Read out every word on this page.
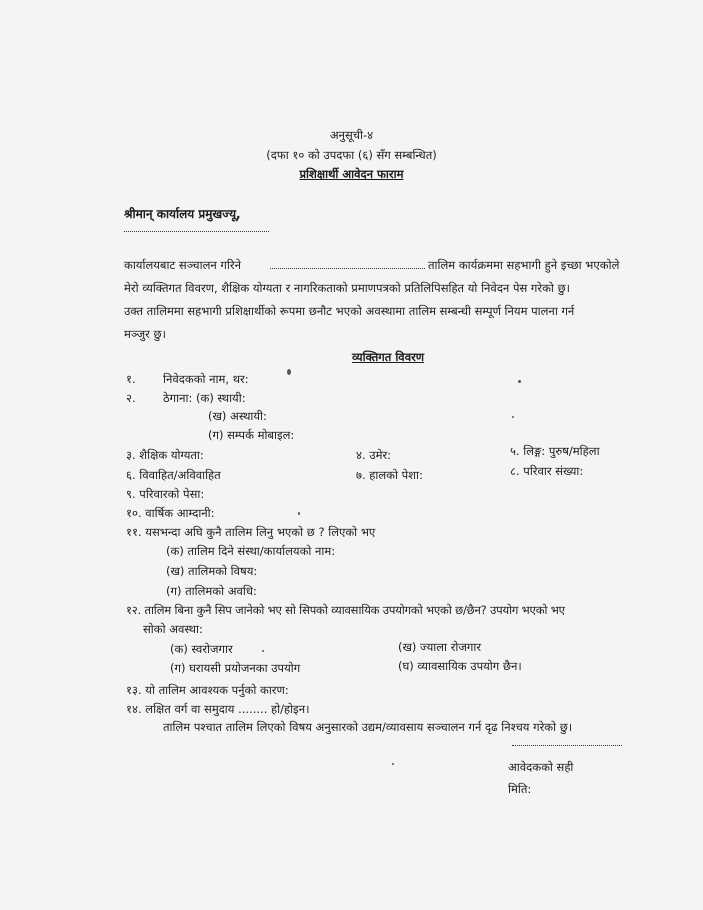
अनुसूची-४
(दफा १० को उपदफा (६) सँग सम्बन्धित)
प्रशिक्षार्थी आवेदन फाराम
श्रीमान् कार्यालय प्रमुखज्यू,
कार्यालयबाट सञ्चालन गरिने	तालिम कार्यक्रममा सहभागी हुने इच्छा भएकोले
मेरो व्यक्तिगत विवरण, शैक्षिक योग्यता र नागरिकताको प्रमाणपत्रको प्रतिलिपिसहित यो निवेदन पेस गरेको छु।
उक्त तालिममा सहभागी प्रशिक्षार्थीको रूपमा छनौट भएको अवस्थामा तालिम सम्बन्धी सम्पूर्ण नियम पालना गर्न
मञ्जुर छु।
व्यक्तिगत विवरण
१. निवेदकको नाम, थर:
२. ठेगाना: (क) स्थायी:
(ख) अस्थायी:
(ग) सम्पर्क मोबाइल:
३. शैक्षिक योग्यता:	४. उमेर:	५. लिङ्ग: पुरुष/महिला
६. विवाहित/अविवाहित	७. हालको पेशा:	८. परिवार संख्या:
९. परिवारको पेसा:
१०. वार्षिक आम्दानी:
११. यसभन्दा अघि कुनै तालिम लिनु भएको छ ? लिएको भए
(क) तालिम दिने संस्था/कार्यालयको नाम:
(ख) तालिमको विषय:
(ग) तालिमको अवधि:
१२. तालिम बिना कुनै सिप जानेको भए सो सिपको व्यावसायिक उपयोगको भएको छ/छैन? उपयोग भएको भए
सोको अवस्था:
(क) स्वरोजगार	(ख) ज्याला रोजगार
(ग) घरायसी प्रयोजनका उपयोग	(घ) व्यावसायिक उपयोग छैन।
१३. यो तालिम आवश्यक पर्नुको कारण:
१४. लक्षित वर्ग वा समुदाय ........ हो/होइन।
तालिम पश्चात तालिम लिएको विषय अनुसारको उद्यम/व्यावसाय सञ्चालन गर्न दृढ निश्चय गरेको छु।
आवेदकको सही
मिति:
